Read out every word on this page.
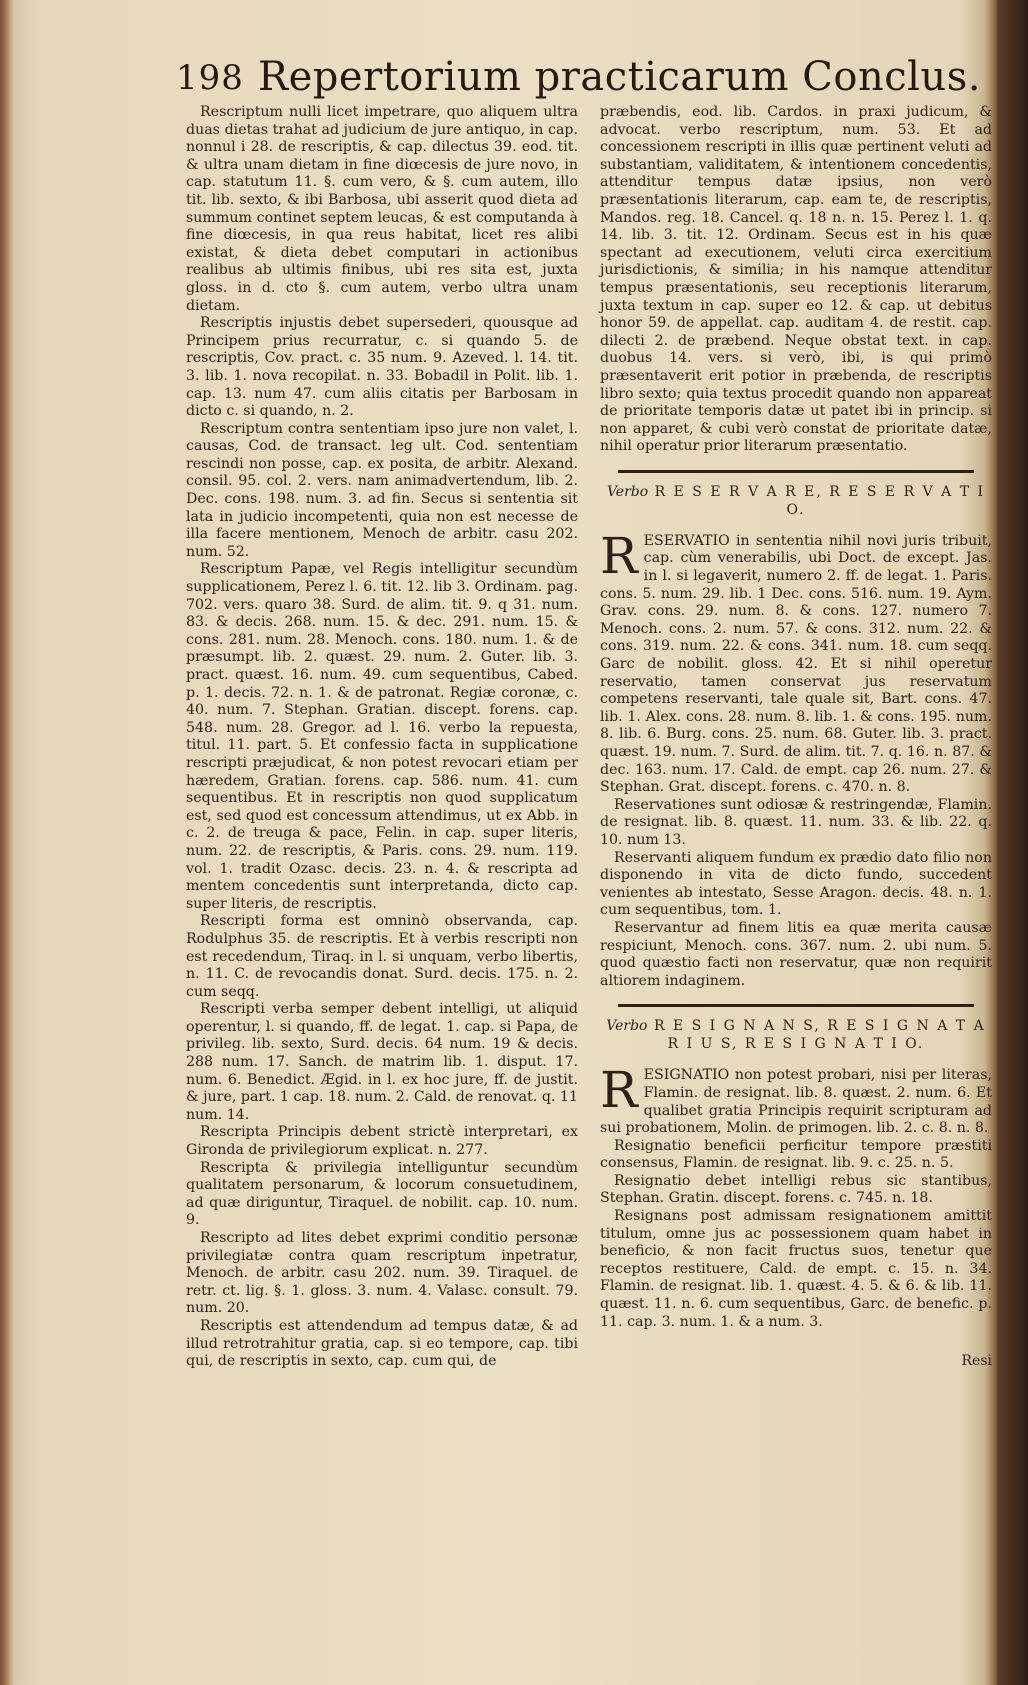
198 Repertorium practicarum Conclus.

Rescriptum nulli licet impetrare, quo aliquem ultra duas dietas trahat ad judicium de jure antiquo, in cap. nonnul i 28. de rescriptis, & cap. dilectus 39. eod. tit. & ultra unam dietam in fine diœcesis de jure novo, in cap. statutum 11. §. cum vero, & §. cum autem, illo tit. lib. sexto, & ibi Barbosa, ubi asserit quod dieta ad summum continet septem leucas, & est computanda à fine diœcesis, in qua reus habitat, licet res alibi existat, & dieta debet computari in actionibus realibus ab ultimis finibus, ubi res sita est, juxta gloss. in d. cto §. cum autem, verbo ultra unam dietam.

Rescriptis injustis debet supersederi, quousque ad Principem prius recurratur, c. si quando 5. de rescriptis, Cov. pract. c. 35 num. 9. Azeved. l. 14. tit. 3. lib. 1. nova recopilat. n. 33. Bobadil in Polit. lib. 1. cap. 13. num 47. cum aliis citatis per Barbosam in dicto c. si quando, n. 2.

Rescriptum contra sententiam ipso jure non valet, l. causas, Cod. de transact. leg ult. Cod. sententiam rescindi non posse, cap. ex posita, de arbitr. Alexand. consil. 95. col. 2. vers. nam animadvertendum, lib. 2. Dec. cons. 198. num. 3. ad fin. Secus si sententia sit lata in judicio incompetenti, quia non est necesse de illa facere mentionem, Menoch de arbitr. casu 202. num. 52.

Rescriptum Papæ, vel Regis intelligitur secundùm supplicationem, Perez l. 6. tit. 12. lib 3. Ordinam. pag. 702. vers. quaro 38. Surd. de alim. tit. 9. q 31. num. 83. & decis. 268. num. 15. & dec. 291. num. 15. & cons. 281. num. 28. Menoch. cons. 180. num. 1. & de præsumpt. lib. 2. quæst. 29. num. 2. Guter. lib. 3. pract. quæst. 16. num. 49. cum sequentibus, Cabed. p. 1. decis. 72. n. 1. & de patronat. Regiæ coronæ, c. 40. num. 7. Stephan. Gratian. discept. forens. cap. 548. num. 28. Gregor. ad l. 16. verbo la repuesta, titul. 11. part. 5. Et confessio facta in supplicatione rescripti præjudicat, & non potest revocari etiam per hæredem, Gratian. forens. cap. 586. num. 41. cum sequentibus. Et in rescriptis non quod supplicatum est, sed quod est concessum attendimus, ut ex Abb. in c. 2. de treuga & pace, Felin. in cap. super literis, num. 22. de rescriptis, & Paris. cons. 29. num. 119. vol. 1. tradit Ozasc. decis. 23. n. 4. & rescripta ad mentem concedentis sunt interpretanda, dicto cap. super literis, de rescriptis.

Rescripti forma est omninò observanda, cap. Rodulphus 35. de rescriptis. Et à verbis rescripti non est recedendum, Tiraq. in l. si unquam, verbo libertis, n. 11. C. de revocandis donat. Surd. decis. 175. n. 2. cum seqq.

Rescripti verba semper debent intelligi, ut aliquid operentur, l. si quando, ff. de legat. 1. cap. si Papa, de privileg. lib. sexto, Surd. decis. 64 num. 19 & decis. 288 num. 17. Sanch. de matrim lib. 1. disput. 17. num. 6. Benedict. Ægid. in l. ex hoc jure, ff. de justit. & jure, part. 1 cap. 18. num. 2. Cald. de renovat. q. 11 num. 14.

Rescripta Principis debent strictè interpretari, ex Gironda de privilegiorum explicat. n. 277.

Rescripta & privilegia intelliguntur secundùm qualitatem personarum, & locorum consuetudinem, ad quæ diriguntur, Tiraquel. de nobilit. cap. 10. num. 9.

Rescripto ad lites debet exprimi conditio personæ privilegiatæ contra quam rescriptum inpetratur, Menoch. de arbitr. casu 202. num. 39. Tiraquel. de retr. ct. lig. §. 1. gloss. 3. num. 4. Valasc. consult. 79. num. 20.

Rescriptis est attendendum ad tempus datæ, & ad illud retrotrahitur gratia, cap. si eo tempore, cap. tibi qui, de rescriptis in sexto, cap. cum qui, de

præbendis, eod. lib. Cardos. in praxi judicum, & advocat. verbo rescriptum, num. 53. Et ad concessionem rescripti in illis quæ pertinent veluti ad substantiam, validitatem, & intentionem concedentis, attenditur tempus datæ ipsius, non verò præsentationis literarum, cap. eam te, de rescriptis, Mandos. reg. 18. Cancel. q. 18 n. n. 15. Perez l. 1. q. 14. lib. 3. tit. 12. Ordinam. Secus est in his quæ spectant ad executionem, veluti circa exercitium jurisdictionis, & similia; in his namque attenditur tempus præsentationis, seu receptionis literarum, juxta textum in cap. super eo 12. & cap. ut debitus honor 59. de appellat. cap. auditam 4. de restit. cap. dilecti 2. de præbend. Neque obstat text. in cap. duobus 14. vers. si verò, ibi, is qui primò præsentaverit erit potior in præbenda, de rescriptis libro sexto; quia textus procedit quando non appareat de prioritate temporis datæ ut patet ibi in princip. si non apparet, & cubi verò constat de prioritate datæ, nihil operatur prior literarum præsentatio.

Verbo R E S E R V A R E, R E S E R V A T I O.

R ESERVATIO in sententia nihil novi juris tribuit, cap. cùm venerabilis, ubi Doct. de except. Jas. in l. si legaverit, numero 2. ff. de legat. 1. Paris. cons. 5. num. 29. lib. 1 Dec. cons. 516. num. 19. Aym. Grav. cons. 29. num. 8. & cons. 127. numero 7. Menoch. cons. 2. num. 57. & cons. 312. num. 22. & cons. 319. num. 22. & cons. 341. num. 18. cum seqq. Garc de nobilit. gloss. 42. Et si nihil operetur reservatio, tamen conservat jus reservatum competens reservanti, tale quale sit, Bart. cons. 47. lib. 1. Alex. cons. 28. num. 8. lib. 1. & cons. 195. num. 8. lib. 6. Burg. cons. 25. num. 68. Guter. lib. 3. pract. quæst. 19. num. 7. Surd. de alim. tit. 7. q. 16. n. 87. & dec. 163. num. 17. Cald. de empt. cap 26. num. 27. & Stephan. Grat. discept. forens. c. 470. n. 8.

Reservationes sunt odiosæ & restringendæ, Flamin. de resignat. lib. 8. quæst. 11. num. 33. & lib. 22. q. 10. num 13.

Reservanti aliquem fundum ex prædio dato filio non disponendo in vita de dicto fundo, succedent venientes ab intestato, Sesse Aragon. decis. 48. n. 1. cum sequentibus, tom. 1.

Reservantur ad finem litis ea quæ merita causæ respiciunt, Menoch. cons. 367. num. 2. ubi num. 5. quod quæstio facti non reservatur, quæ non requirit altiorem indaginem.

Verbo R E S I G N A N S, R E S I G N A T A R I U S, R E S I G N A T I O.

R ESIGNATIO non potest probari, nisi per literas, Flamin. de resignat. lib. 8. quæst. 2. num. 6. Et qualibet gratia Principis requirit scripturam ad sui probationem, Molin. de primogen. lib. 2. c. 8. n. 8.

Resignatio beneficii perficitur tempore præstiti consensus, Flamin. de resignat. lib. 9. c. 25. n. 5.

Resignatio debet intelligi rebus sic stantibus, Stephan. Gratin. discept. forens. c. 745. n. 18.

Resignans post admissam resignationem amittit titulum, omne jus ac possessionem quam habet in beneficio, & non facit fructus suos, tenetur que receptos restituere, Cald. de empt. c. 15. n. 34. Flamin. de resignat. lib. 1. quæst. 4. 5. & 6. & lib. 11. quæst. 11. n. 6. cum sequentibus, Garc. de benefic. p. 11. cap. 3. num. 1. & a num. 3.

Resi
